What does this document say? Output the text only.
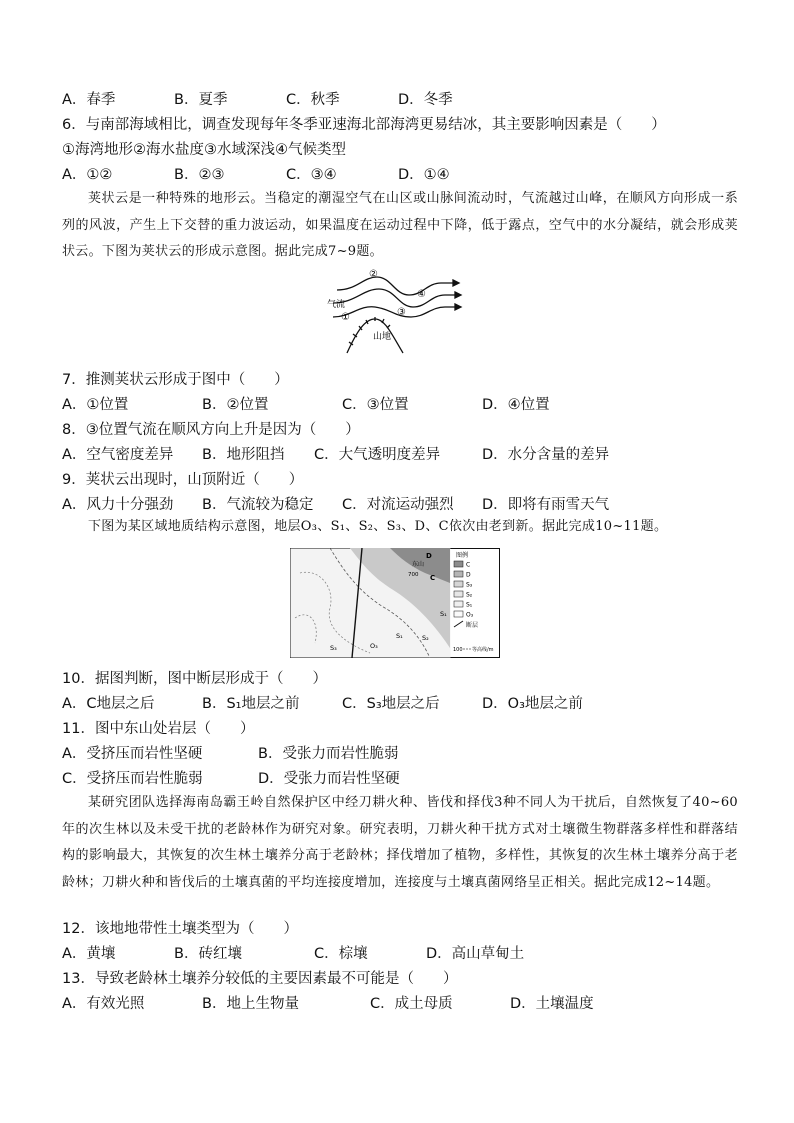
A．春季	B．夏季	C．秋季	D．冬季
6．与南部海域相比，调查发现每年冬季亚速海北部海湾更易结冰，其主要影响因素是（　　）
①海湾地形②海水盐度③水域深浅④气候类型
A．①②	B．②③	C．③④	D．①④
荚状云是一种特殊的地形云。当稳定的潮湿空气在山区或山脉间流动时，气流越过山峰，在顺风方向形成一系列的风波，产生上下交替的重力波运动，如果温度在运动过程中下降，低于露点，空气中的水分凝结，就会形成荚状云。下图为荚状云的形成示意图。据此完成7~9题。
②
气流
①	③
④
山地
7．推测荚状云形成于图中（　　）
A．①位置	B．②位置	C．③位置	D．④位置
8．③位置气流在顺风方向上升是因为（　　）
A．空气密度差异 B．地形阻挡 C．大气透明度差异	D．水分含量的差异
9．荚状云出现时，山顶附近（　　）
A．风力十分强劲 B．气流较为稳定 C．对流运动强烈 D．即将有雨雪天气
下图为某区域地质结构示意图，地层O₃、S₁、S₂、S₃、D、C依次由老到新。据此完成10~11题。
D
C
东山
700
S₁
S₁	S₂
S₃	O₃
图例
C
D
S₃
S₂
S₁
O₃
断层
100 等高线/m
10．据图判断，图中断层形成于（　　）
A．C地层之后	B．S₁地层之前	C．S₃地层之后	D．O₃地层之前
11．图中东山处岩层（　　）
A．受挤压而岩性坚硬	B．受张力而岩性脆弱
C．受挤压而岩性脆弱	D．受张力而岩性坚硬
某研究团队选择海南岛霸王岭自然保护区中经刀耕火种、皆伐和择伐3种不同人为干扰后，自然恢复了40~60年的次生林以及未受干扰的老龄林作为研究对象。研究表明，刀耕火种干扰方式对土壤微生物群落多样性和群落结构的影响最大，其恢复的次生林土壤养分高于老龄林；择伐增加了植物，多样性，其恢复的次生林土壤养分高于老龄林；刀耕火种和皆伐后的土壤真菌的平均连接度增加，连接度与土壤真菌网络呈正相关。据此完成12~14题。
12．该地地带性土壤类型为（　　）
A．黄壤	B．砖红壤	C．棕壤	D．高山草甸土
13．导致老龄林土壤养分较低的主要因素最不可能是（　　）
A．有效光照	B．地上生物量	C．成土母质	D．土壤温度
